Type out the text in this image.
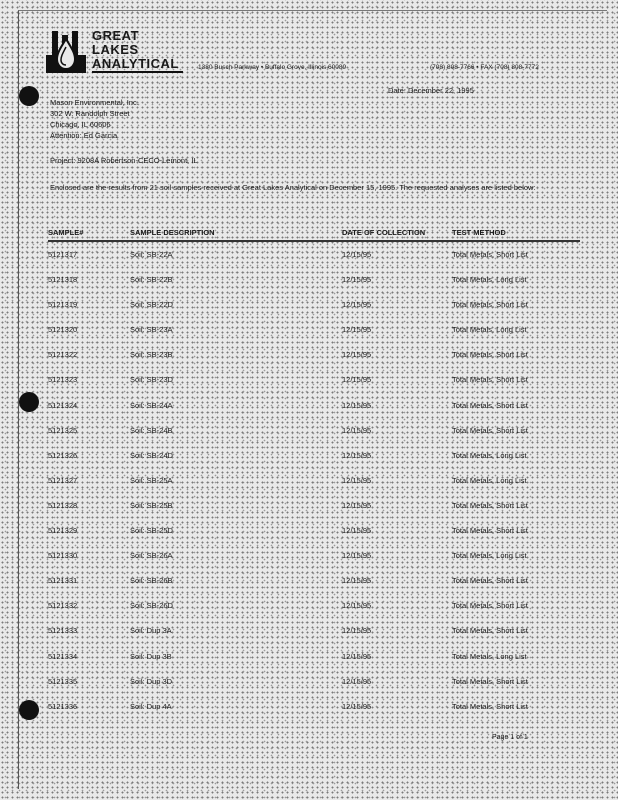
GREAT
LAKES
ANALYTICAL	1380 Busch Parkway • Buffalo Grove, Illinois 60089	(708) 808-7766 • FAX (708) 808-7772
Date: December 22, 1995
Mason Environmental, Inc.
302 W. Randolph Street
Chicago, IL 60606
Attention: Ed Garcia
Project: 9208A Robertson-CECO-Lemont, IL
Enclosed are the results from 21 soil samples received at Great Lakes Analytical on December 15, 1995. The requested analyses are listed below:
SAMPLE#	SAMPLE DESCRIPTION	DATE OF COLLECTION	TEST METHOD
5121317	Soil: SB-22A	12/15/95	Total Metals, Short List
5121318	Soil: SB-22B	12/15/95	Total Metals, Long List
5121319	Soil: SB-22D	12/15/95	Total Metals, Short List
5121320	Soil: SB-23A	12/15/95	Total Metals, Long List
5121322	Soil: SB-23B	12/15/95	Total Metals, Short List
5121323	Soil: SB-23D	12/15/95	Total Metals, Short List
5121324	Soil: SB-24A	12/15/95	Total Metals, Short List
5121325	Soil: SB-24B	12/15/95	Total Metals, Short List
5121326	Soil: SB-24D	12/15/95	Total Metals, Long List
5121327	Soil: SB-25A	12/15/95	Total Metals, Long List
5121328	Soil: SB-25B	12/15/95	Total Metals, Short List
5121329	Soil: SB-25D	12/15/95	Total Metals, Short List
5121330	Soil: SB-26A	12/15/95	Total Metals, Long List
5121331	Soil: SB-26B	12/15/95	Total Metals, Short List
5121332	Soil: SB-26D	12/15/95	Total Metals, Short List
5121333	Soil: Dup 3A	12/15/95	Total Metals, Short List
5121334	Soil: Dup 3B	12/15/95	Total Metals, Long List
5121335	Soil: Dup 3D	12/15/95	Total Metals, Short List
5121336	Soil: Dup 4A	12/15/95	Total Metals, Short List
Page 1 of 1
